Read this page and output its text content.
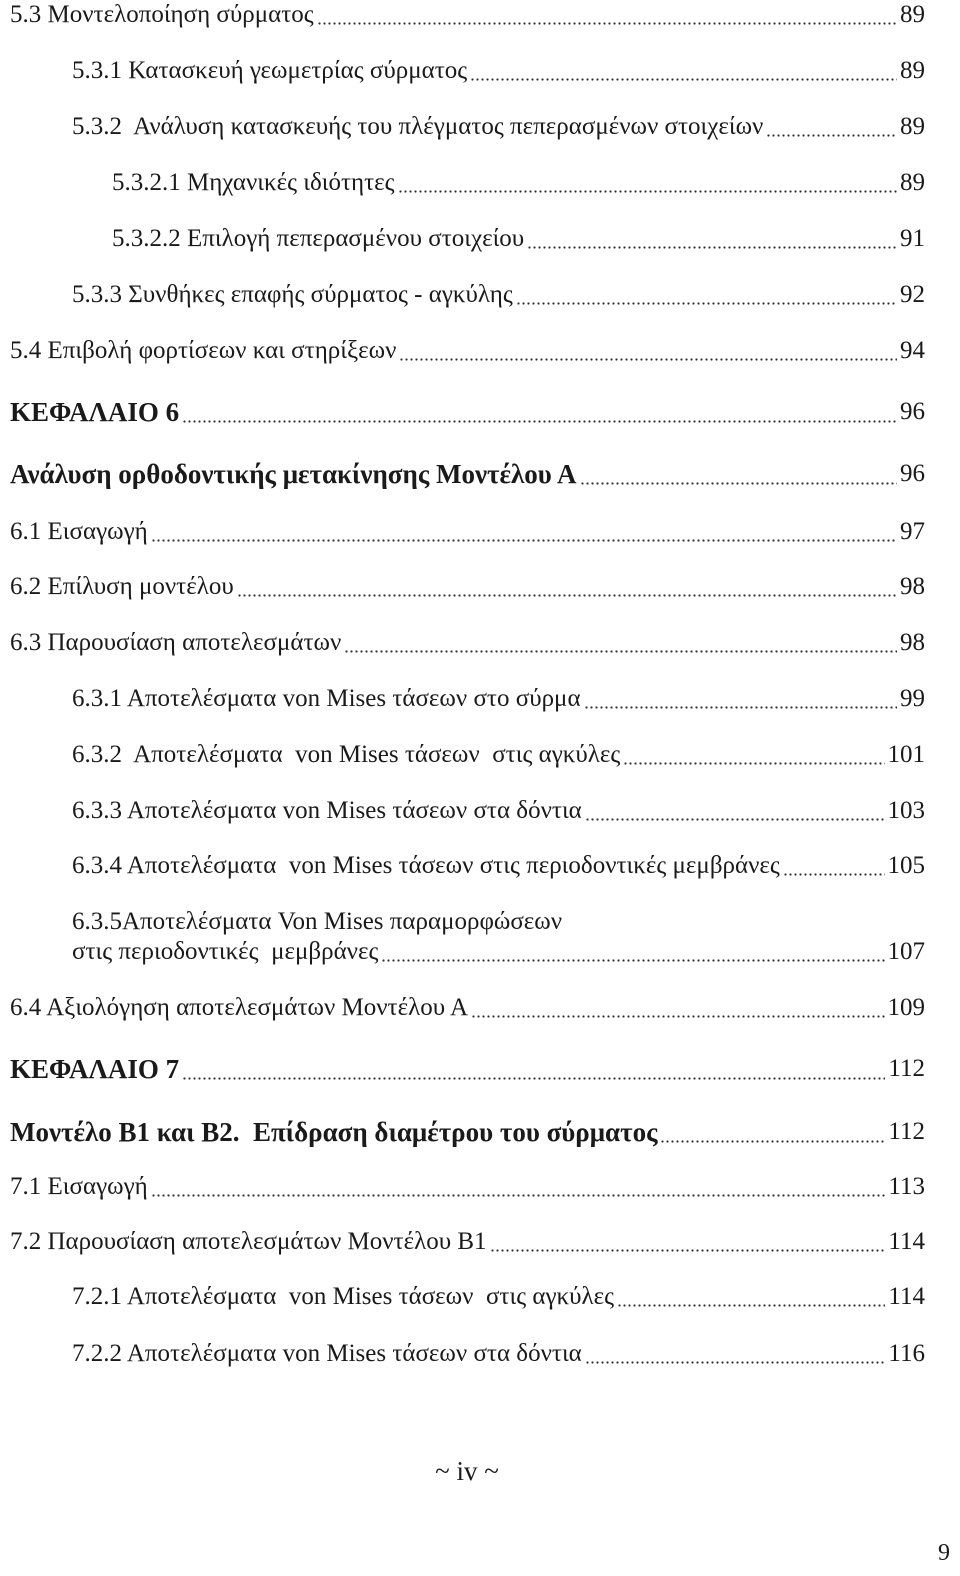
5.3 Μοντελοποίηση σύρματος	89
5.3.1 Κατασκευή γεωμετρίας σύρματος	89
5.3.2  Ανάλυση κατασκευής του πλέγματος πεπερασμένων στοιχείων	89
5.3.2.1 Μηχανικές ιδιότητες	89
5.3.2.2 Επιλογή πεπερασμένου στοιχείου	91
5.3.3 Συνθήκες επαφής σύρματος - αγκύλης	92
5.4 Επιβολή φορτίσεων και στηρίξεων	94
ΚΕΦΑΛΑΙΟ 6	96
Ανάλυση ορθοδοντικής μετακίνησης Μοντέλου Α	96
6.1 Εισαγωγή	97
6.2 Επίλυση μοντέλου	98
6.3 Παρουσίαση αποτελεσμάτων	98
6.3.1 Αποτελέσματα von Mises τάσεων στο σύρμα	99
6.3.2  Αποτελέσματα  von Mises τάσεων  στις αγκύλες	101
6.3.3 Αποτελέσματα von Mises τάσεων στα δόντια	103
6.3.4 Αποτελέσματα  von Mises τάσεων στις περιοδοντικές μεμβράνες	105
6.3.5Αποτελέσματα Von Mises παραμορφώσεων
στις περιοδοντικές  μεμβράνες	107
6.4 Αξιολόγηση αποτελεσμάτων Μοντέλου Α	109
ΚΕΦΑΛΑΙΟ 7	112
Μοντέλο Β1 και Β2.  Επίδραση διαμέτρου του σύρματος	112
7.1 Εισαγωγή	113
7.2 Παρουσίαση αποτελεσμάτων Μοντέλου Β1	114
7.2.1 Αποτελέσματα  von Mises τάσεων  στις αγκύλες	114
7.2.2 Αποτελέσματα von Mises τάσεων στα δόντια	116
~ iv ~
9
